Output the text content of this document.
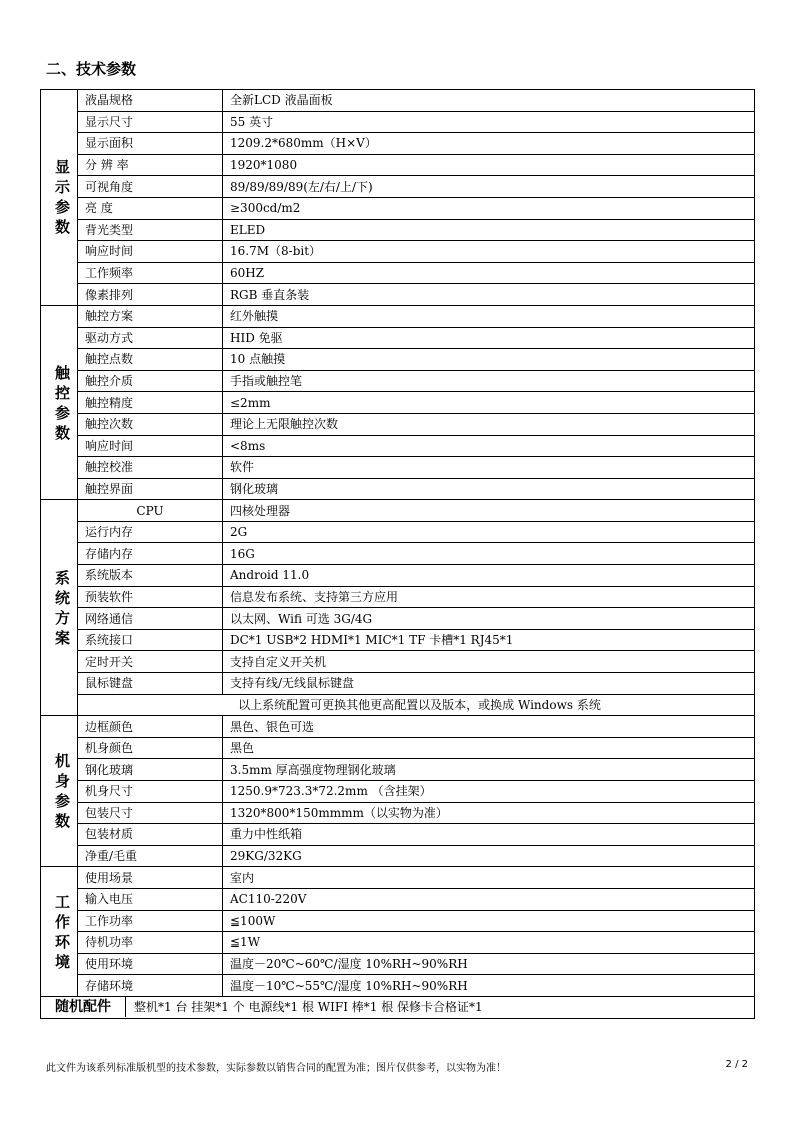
二、技术参数
显示参数	液晶规格	全新LCD 液晶面板
	显示尺寸	55 英寸
	显示面积	1209.2*680mm（H×V）
	分 辨 率	1920*1080
	可视角度	89/89/89/89(左/右/上/下)
	亮 度	≥300cd/m2
	背光类型	ELED
	响应时间	16.7M（8-bit）
	工作频率	60HZ
	像素排列	RGB 垂直条装
触控参数	触控方案	红外触摸
	驱动方式	HID 免驱
	触控点数	10 点触摸
	触控介质	手指或触控笔
	触控精度	≤2mm
	触控次数	理论上无限触控次数
	响应时间	<8ms
	触控校准	软件
	触控界面	钢化玻璃
系统方案	CPU	四核处理器
	运行内存	2G
	存储内存	16G
	系统版本	Android 11.0
	预装软件	信息发布系统、支持第三方应用
	网络通信	以太网、Wifi 可选 3G/4G
	系统接口	DC*1 USB*2 HDMI*1 MIC*1 TF 卡槽*1 RJ45*1
	定时开关	支持自定义开关机
	鼠标键盘	支持有线/无线鼠标键盘
	以上系统配置可更换其他更高配置以及版本，或换成 Windows 系统	
机身参数	边框颜色	黑色、银色可选
	机身颜色	黑色
	钢化玻璃	3.5mm 厚高强度物理钢化玻璃
	机身尺寸	1250.9*723.3*72.2mm （含挂架）
	包装尺寸	1320*800*150mmmm（以实物为准）
	包装材质	重力中性纸箱
	净重/毛重	29KG/32KG
工作环境	使用场景	室内
	输入电压	AC110-220V
	工作功率	≦100W
	待机功率	≦1W
	使用环境	温度－20℃~60℃/湿度 10%RH~90%RH
	存储环境	温度－10℃~55℃/湿度 10%RH~90%RH

随机配件 整机*1 台 挂架*1 个 电源线*1 根 WIFI 棒*1 根 保修卡合格证*1		
此文件为该系列标准版机型的技术参数，实际参数以销售合同的配置为准；图片仅供参考，以实物为准！	2 / 2
